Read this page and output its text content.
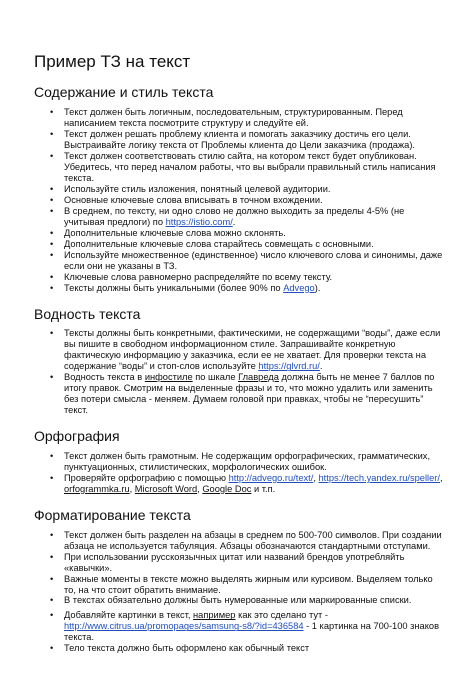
Пример ТЗ на текст
Содержание и стиль текста
• Текст должен быть логичным, последовательным, структурированным. Перед написанием текста посмотрите структуру и следуйте ей.
• Текст должен решать проблему клиента и помогать заказчику достичь его цели. Выстраивайте логику текста от Проблемы клиента до Цели заказчика (продажа).
• Текст должен соответствовать стилю сайта, на котором текст будет опубликован. Убедитесь, что перед началом работы, что вы выбрали правильный стиль написания текста.
• Используйте стиль изложения, понятный целевой аудитории.
• Основные ключевые слова вписывать в точном вхождении.
• В среднем, по тексту, ни одно слово не должно выходить за пределы 4-5% (не учитывая предлоги) по https://istio.com/.
• Дополнительные ключевые слова можно склонять.
• Дополнительные ключевые слова старайтесь совмещать с основными.
• Используйте множественное (единственное) число ключевого слова и синонимы, даже если они не указаны в ТЗ.
• Ключевые слова равномерно распределяйте по всему тексту.
• Тексты должны быть уникальными (более 90% по Advego).
Водность текста
• Тексты должны быть конкретными, фактическими, не содержащими “воды”, даже если вы пишите в свободном информационном стиле. Запрашивайте конкретную фактическую информацию у заказчика, если ее не хватает. Для проверки текста на содержание “воды” и стоп-слов используйте https://glvrd.ru/.
• Водность текста в инфостиле по шкале Главреда должна быть не менее 7 баллов по итогу правок. Смотрим на выделенные фразы и то, что можно удалить или заменить без потери смысла - меняем. Думаем головой при правках, чтобы не “пересушить” текст.
Орфография
• Текст должен быть грамотным. Не содержащим орфографических, грамматических, пунктуационных, стилистических, морфологических ошибок.
• Проверяйте орфографию с помощью http://advego.ru/text/, https://tech.yandex.ru/speller/, orfogrammka.ru, Microsoft Word, Google Doc и т.п.
Форматирование текста
• Текст должен быть разделен на абзацы в среднем по 500-700 символов. При создании абзаца не используется табуляция. Абзацы обозначаются стандартными отступами.
• При использовании русскоязычных цитат или названий брендов употребляйть «кавычки».
• Важные моменты в тексте можно выделять жирным или курсивом. Выделяем только то, на что стоит обратить внимание.
• В текстах обязательно должны быть нумерованные или маркированные списки.
• Добавляйте картинки в текст, например как это сделано тут - http://www.citrus.ua/promopages/samsung-s8/?id=436584 - 1 картинка на 700-100 знаков текста.
• Тело текста должно быть оформлено как обычный текст
